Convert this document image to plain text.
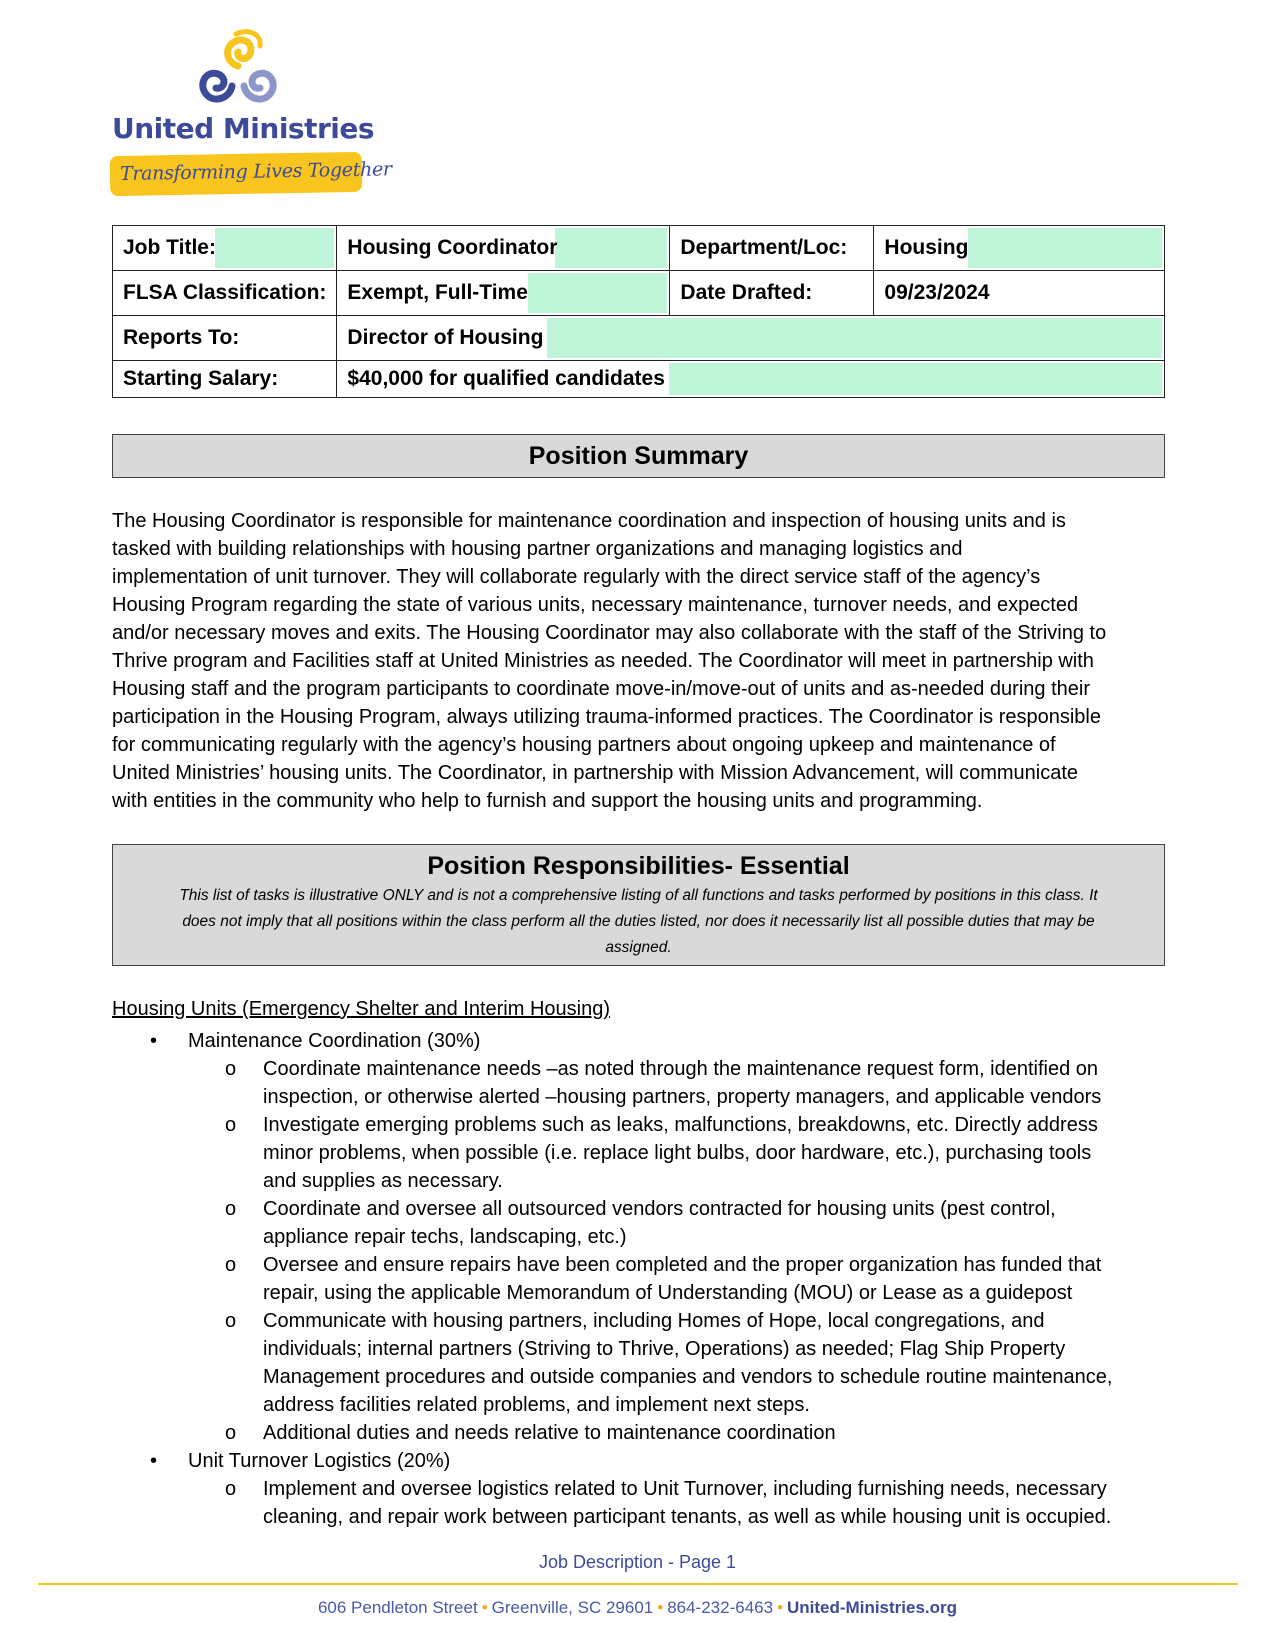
United Ministries
Transforming Lives Together
Job Title:	Housing Coordinator	Department/Loc:	Housing
FLSA Classification:	Exempt, Full-Time	Date Drafted:	09/23/2024
Reports To:	Director of Housing		
Starting Salary:	$40,000 for qualified candidates		
Position Summary
The Housing Coordinator is responsible for maintenance coordination and inspection of housing units and is
tasked with building relationships with housing partner organizations and managing logistics and
implementation of unit turnover. They will collaborate regularly with the direct service staff of the agency’s
Housing Program regarding the state of various units, necessary maintenance, turnover needs, and expected
and/or necessary moves and exits. The Housing Coordinator may also collaborate with the staff of the Striving to
Thrive program and Facilities staff at United Ministries as needed. The Coordinator will meet in partnership with
Housing staff and the program participants to coordinate move-in/move-out of units and as-needed during their
participation in the Housing Program, always utilizing trauma-informed practices. The Coordinator is responsible
for communicating regularly with the agency’s housing partners about ongoing upkeep and maintenance of
United Ministries’ housing units. The Coordinator, in partnership with Mission Advancement, will communicate
with entities in the community who help to furnish and support the housing units and programming.
Position Responsibilities- Essential
This list of tasks is illustrative ONLY and is not a comprehensive listing of all functions and tasks performed by positions in this class. It
does not imply that all positions within the class perform all the duties listed, nor does it necessarily list all possible duties that may be
assigned.
Housing Units (Emergency Shelter and Interim Housing)
•	Maintenance Coordination (30%)
o	Coordinate maintenance needs –as noted through the maintenance request form, identified on
inspection, or otherwise alerted –housing partners, property managers, and applicable vendors
o	Investigate emerging problems such as leaks, malfunctions, breakdowns, etc. Directly address
minor problems, when possible (i.e. replace light bulbs, door hardware, etc.), purchasing tools
and supplies as necessary.
o	Coordinate and oversee all outsourced vendors contracted for housing units (pest control,
appliance repair techs, landscaping, etc.)
o	Oversee and ensure repairs have been completed and the proper organization has funded that
repair, using the applicable Memorandum of Understanding (MOU) or Lease as a guidepost
o	Communicate with housing partners, including Homes of Hope, local congregations, and
individuals; internal partners (Striving to Thrive, Operations) as needed; Flag Ship Property
Management procedures and outside companies and vendors to schedule routine maintenance,
address facilities related problems, and implement next steps.
o	Additional duties and needs relative to maintenance coordination
•	Unit Turnover Logistics (20%)
o	Implement and oversee logistics related to Unit Turnover, including furnishing needs, necessary
cleaning, and repair work between participant tenants, as well as while housing unit is occupied.
Job Description - Page 1
606 Pendleton Street • Greenville, SC 29601 • 864-232-6463 • United-Ministries.org
